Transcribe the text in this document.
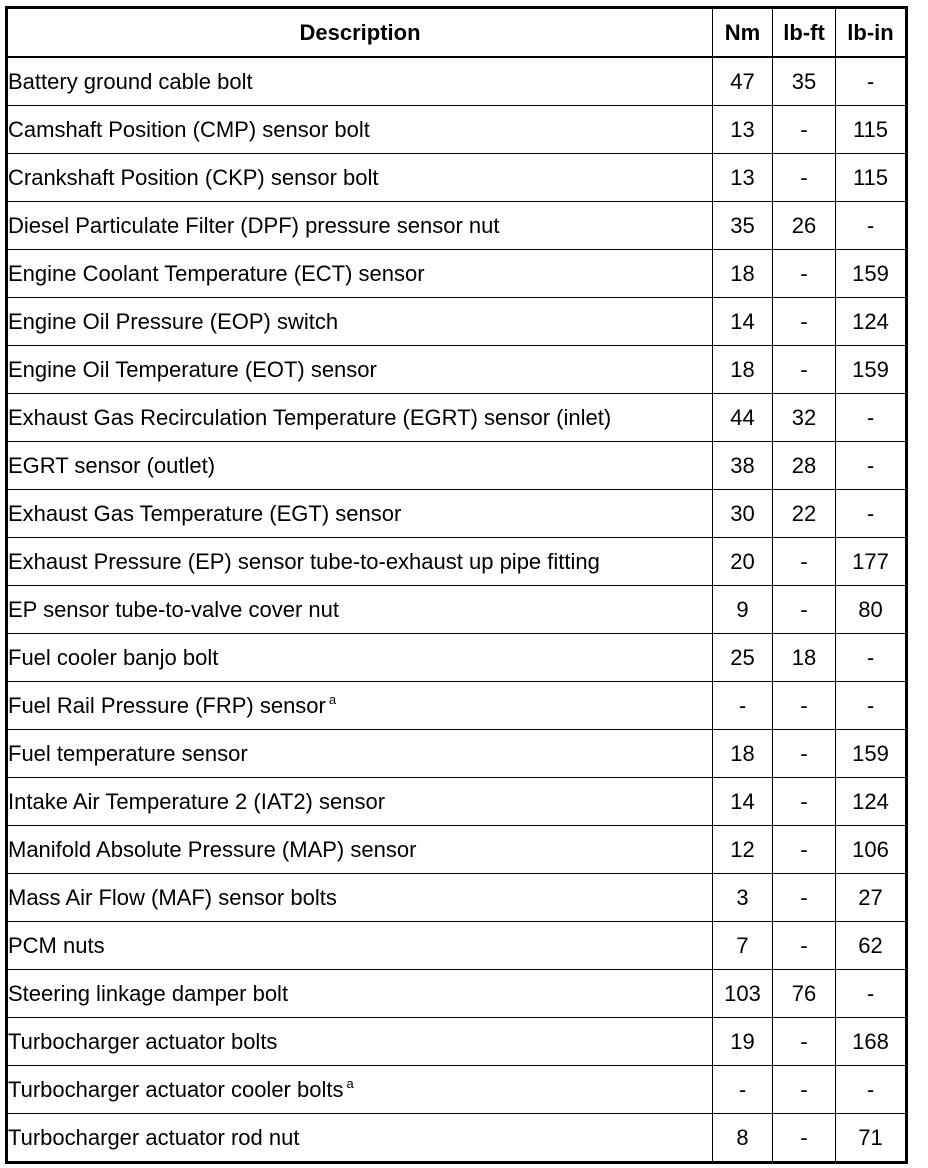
Description	Nm	lb-ft	lb-in
Battery ground cable bolt	47	35	-
Camshaft Position (CMP) sensor bolt	13	-	115
Crankshaft Position (CKP) sensor bolt	13	-	115
Diesel Particulate Filter (DPF) pressure sensor nut	35	26	-
Engine Coolant Temperature (ECT) sensor	18	-	159
Engine Oil Pressure (EOP) switch	14	-	124
Engine Oil Temperature (EOT) sensor	18	-	159
Exhaust Gas Recirculation Temperature (EGRT) sensor (inlet)	44	32	-
EGRT sensor (outlet)	38	28	-
Exhaust Gas Temperature (EGT) sensor	30	22	-
Exhaust Pressure (EP) sensor tube-to-exhaust up pipe fitting	20	-	177
EP sensor tube-to-valve cover nut	9	-	80
Fuel cooler banjo bolt	25	18	-
Fuel Rail Pressure (FRP) sensor $^a$	-	-	-
Fuel temperature sensor	18	-	159
Intake Air Temperature 2 (IAT2) sensor	14	-	124
Manifold Absolute Pressure (MAP) sensor	12	-	106
Mass Air Flow (MAF) sensor bolts	3	-	27
PCM nuts	7	-	62
Steering linkage damper bolt	103	76	-
Turbocharger actuator bolts	19	-	168
Turbocharger actuator cooler bolts $^a$	-	-	-
Turbocharger actuator rod nut	8	-	71
